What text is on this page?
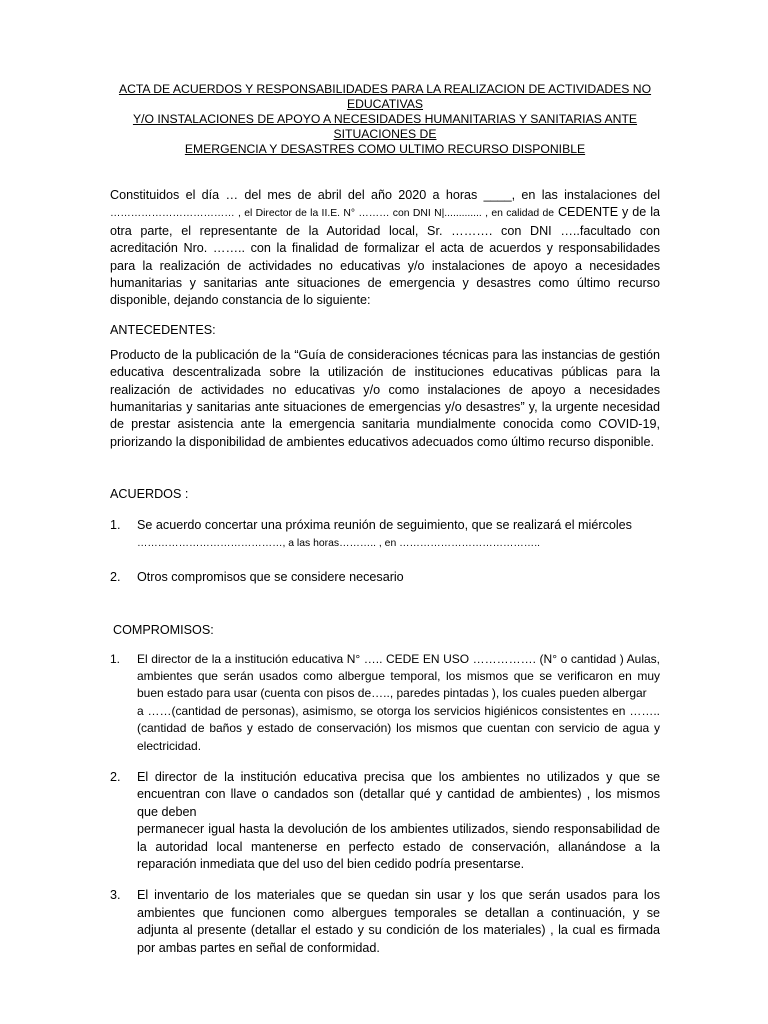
ACTA DE ACUERDOS Y RESPONSABILIDADES PARA LA REALIZACION DE ACTIVIDADES NO EDUCATIVAS

Y/O INSTALACIONES DE APOYO A NECESIDADES HUMANITARIAS Y SANITARIAS ANTE SITUACIONES DE

EMERGENCIA Y DESASTRES COMO ULTIMO RECURSO DISPONIBLE

Constituidos el día … del mes de abril del año 2020 a horas ____, en las instalaciones del ……………………………… , el Director de la II.E. N° ……… con DNI N|............. , en calidad de CEDENTE y de la otra parte, el representante de la Autoridad local, Sr. ………. con DNI …..facultado con acreditación Nro. …….. con la finalidad de formalizar el acta de acuerdos y responsabilidades para la realización de actividades no educativas y/o instalaciones de apoyo a necesidades humanitarias y sanitarias ante situaciones de emergencia y desastres como último recurso disponible, dejando constancia de lo siguiente:

ANTECEDENTES:

Producto de la publicación de la “Guía de consideraciones técnicas para las instancias de gestión educativa descentralizada sobre la utilización de instituciones educativas públicas para la realización de actividades no educativas y/o como instalaciones de apoyo a necesidades humanitarias y sanitarias ante situaciones de emergencias y/o desastres” y, la urgente necesidad de prestar asistencia ante la emergencia sanitaria mundialmente conocida como COVID-19, priorizando la disponibilidad de ambientes educativos adecuados como último recurso disponible.

ACUERDOS :

1.	Se acuerdo concertar una próxima reunión de seguimiento, que se realizará el miércoles
……………………………………, a las horas……….. , en …………………………………..
2.	Otros compromisos que se considere necesario

COMPROMISOS:

1.	El director de la a institución educativa N° ….. CEDE EN USO ……………. (N° o cantidad ) Aulas, ambientes que serán usados como albergue temporal, los mismos que se verificaron en muy buen estado para usar (cuenta con pisos de….., paredes pintadas ), los cuales pueden albergar
a ……(cantidad de personas), asimismo, se otorga los servicios higiénicos consistentes en ……..(cantidad de baños y estado de conservación) los mismos que cuentan con servicio de agua y electricidad.
2.	El director de la institución educativa precisa que los ambientes no utilizados y que se encuentran con llave o candados son (detallar qué y cantidad de ambientes) , los mismos que deben
permanecer igual hasta la devolución de los ambientes utilizados, siendo responsabilidad de la autoridad local mantenerse en perfecto estado de conservación, allanándose a la reparación inmediata que del uso del bien cedido podría presentarse.
3.	El inventario de los materiales que se quedan sin usar y los que serán usados para los ambientes que funcionen como albergues temporales se detallan a continuación, y se adjunta al presente (detallar el estado y su condición de los materiales) , la cual es firmada por ambas partes en señal de conformidad.
